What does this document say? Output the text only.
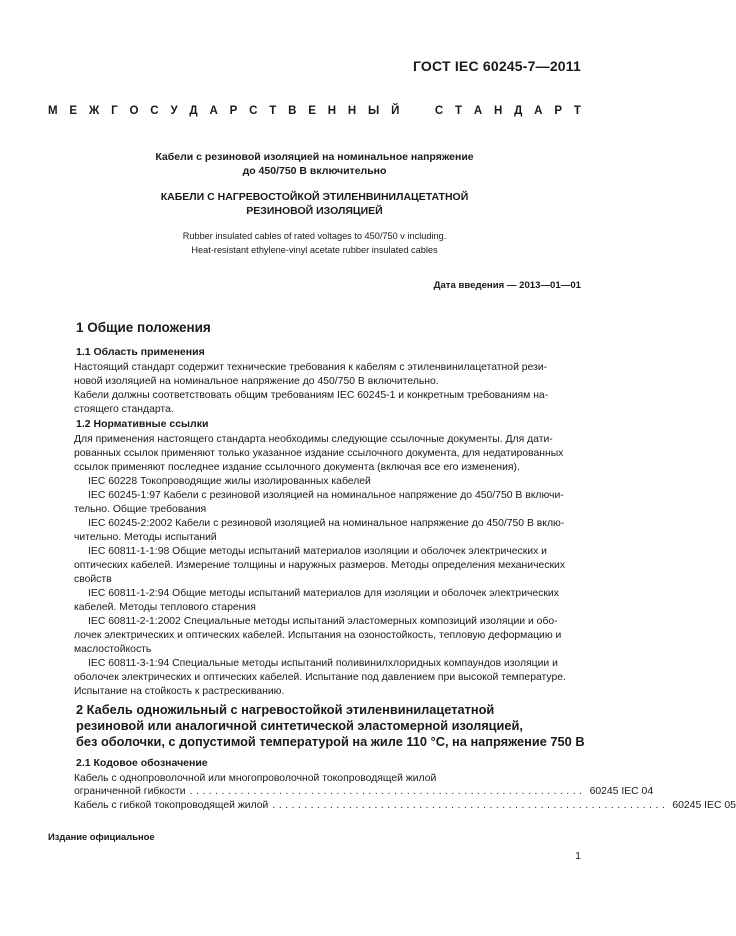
ГОСТ IEC 60245-7—2011
М Е Ж Г О С У Д А Р С Т В Е Н Н Ы Й	С Т А Н Д А Р Т
Кабели с резиновой изоляцией на номинальное напряжение
до 450/750 В включительно
КАБЕЛИ С НАГРЕВОСТОЙКОЙ ЭТИЛЕНВИНИЛАЦЕТАТНОЙ
РЕЗИНОВОЙ ИЗОЛЯЦИЕЙ
Rubber insulated cables of rated voltages to 450/750 v including.
Heat-resistant ethylene-vinyl acetate rubber insulated cables
Дата введения — 2013—01—01
1 Общие положения
1.1 Область применения
Настоящий стандарт содержит технические требования к кабелям с этиленвинилацетатной рези-
новой изоляцией на номинальное напряжение до 450/750 В включительно.
Кабели должны соответствовать общим требованиям IEC 60245-1 и конкретным требованиям на-
стоящего стандарта.
1.2 Нормативные ссылки
Для применения настоящего стандарта необходимы следующие ссылочные документы. Для дати-
рованных ссылок применяют только указанное издание ссылочного документа, для недатированных
ссылок применяют последнее издание ссылочного документа (включая все его изменения).
IEC 60228 Токопроводящие жилы изолированных кабелей
IEC 60245-1:97 Кабели с резиновой изоляцией на номинальное напряжение до 450/750 В включи-
тельно. Общие требования
IEC 60245-2:2002 Кабели с резиновой изоляцией на номинальное напряжение до 450/750 В вклю-
чительно. Методы испытаний
IEC 60811-1-1:98 Общие методы испытаний материалов изоляции и оболочек электрических и
оптических кабелей. Измерение толщины и наружных размеров. Методы определения механических
свойств
IEC 60811-1-2:94 Общие методы испытаний материалов для изоляции и оболочек электрических
кабелей. Методы теплового старения
IEC 60811-2-1:2002 Специальные методы испытаний эластомерных композиций изоляции и обо-
лочек электрических и оптических кабелей. Испытания на озоностойкость, тепловую деформацию и
маслостойкость
IEC 60811-3-1:94 Специальные методы испытаний поливинилхлоридных компаундов изоляции и
оболочек электрических и оптических кабелей. Испытание под давлением при высокой температуре.
Испытание на стойкость к растрескиванию.
2 Кабель одножильный с нагревостойкой этиленвинилацетатной
резиновой или аналогичной синтетической эластомерной изоляцией,
без оболочки, с допустимой температурой на жиле 110 °С, на напряжение 750 В
2.1 Кодовое обозначение
Кабель с однопроволочной или многопроволочной токопроводящей жилой
ограниченной гибкости .............................................................. 60245 IEC 04
Кабель с гибкой токопроводящей жилой .............................................................. 60245 IEC 05
Издание официальное
1
